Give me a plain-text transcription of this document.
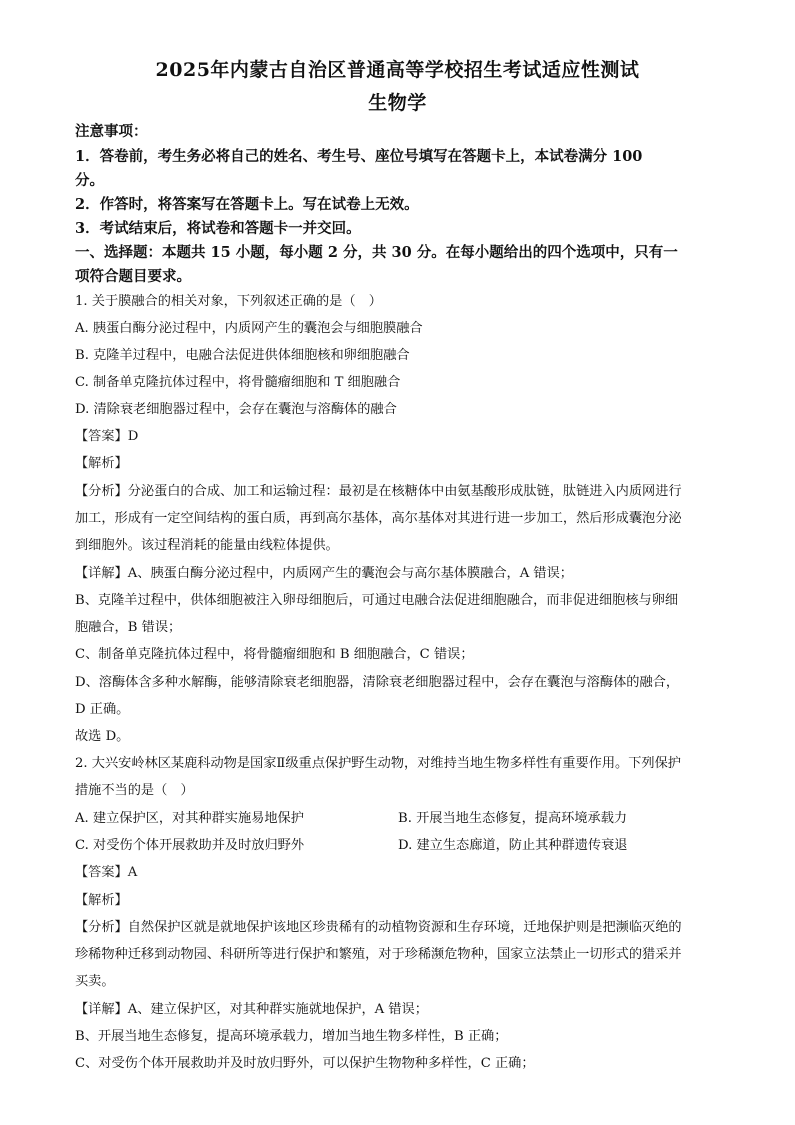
2025年内蒙古自治区普通高等学校招生考试适应性测试
生物学
注意事项：
1．答卷前，考生务必将自己的姓名、考生号、座位号填写在答题卡上，本试卷满分 100
分。
2．作答时，将答案写在答题卡上。写在试卷上无效。
3．考试结束后，将试卷和答题卡一并交回。
一、选择题：本题共 15 小题，每小题 2 分，共 30 分。在每小题给出的四个选项中，只有一
项符合题目要求。
1. 关于膜融合的相关对象，下列叙述正确的是（　）
A. 胰蛋白酶分泌过程中，内质网产生的囊泡会与细胞膜融合
B. 克隆羊过程中，电融合法促进供体细胞核和卵细胞融合
C. 制备单克隆抗体过程中，将骨髓瘤细胞和 T 细胞融合
D. 清除衰老细胞器过程中，会存在囊泡与溶酶体的融合
【答案】D
【解析】
【分析】分泌蛋白的合成、加工和运输过程：最初是在核糖体中由氨基酸形成肽链，肽链进入内质网进行
加工，形成有一定空间结构的蛋白质，再到高尔基体，高尔基体对其进行进一步加工，然后形成囊泡分泌
到细胞外。该过程消耗的能量由线粒体提供。
【详解】A、胰蛋白酶分泌过程中，内质网产生的囊泡会与高尔基体膜融合，A 错误；
B、克隆羊过程中，供体细胞被注入卵母细胞后，可通过电融合法促进细胞融合，而非促进细胞核与卵细
胞融合，B 错误；
C、制备单克隆抗体过程中，将骨髓瘤细胞和 B 细胞融合，C 错误；
D、溶酶体含多种水解酶，能够清除衰老细胞器，清除衰老细胞器过程中，会存在囊泡与溶酶体的融合，
D 正确。
故选 D。
2. 大兴安岭林区某鹿科动物是国家Ⅱ级重点保护野生动物，对维持当地生物多样性有重要作用。下列保护
措施不当的是（　）
A. 建立保护区，对其种群实施易地保护	B. 开展当地生态修复，提高环境承载力
C. 对受伤个体开展救助并及时放归野外	D. 建立生态廊道，防止其种群遗传衰退
【答案】A
【解析】
【分析】自然保护区就是就地保护该地区珍贵稀有的动植物资源和生存环境，迁地保护则是把濒临灭绝的
珍稀物种迁移到动物园、科研所等进行保护和繁殖，对于珍稀濒危物种，国家立法禁止一切形式的猎采并
买卖。
【详解】A、建立保护区，对其种群实施就地保护，A 错误；
B、开展当地生态修复，提高环境承载力，增加当地生物多样性，B 正确；
C、对受伤个体开展救助并及时放归野外，可以保护生物物种多样性，C 正确；
